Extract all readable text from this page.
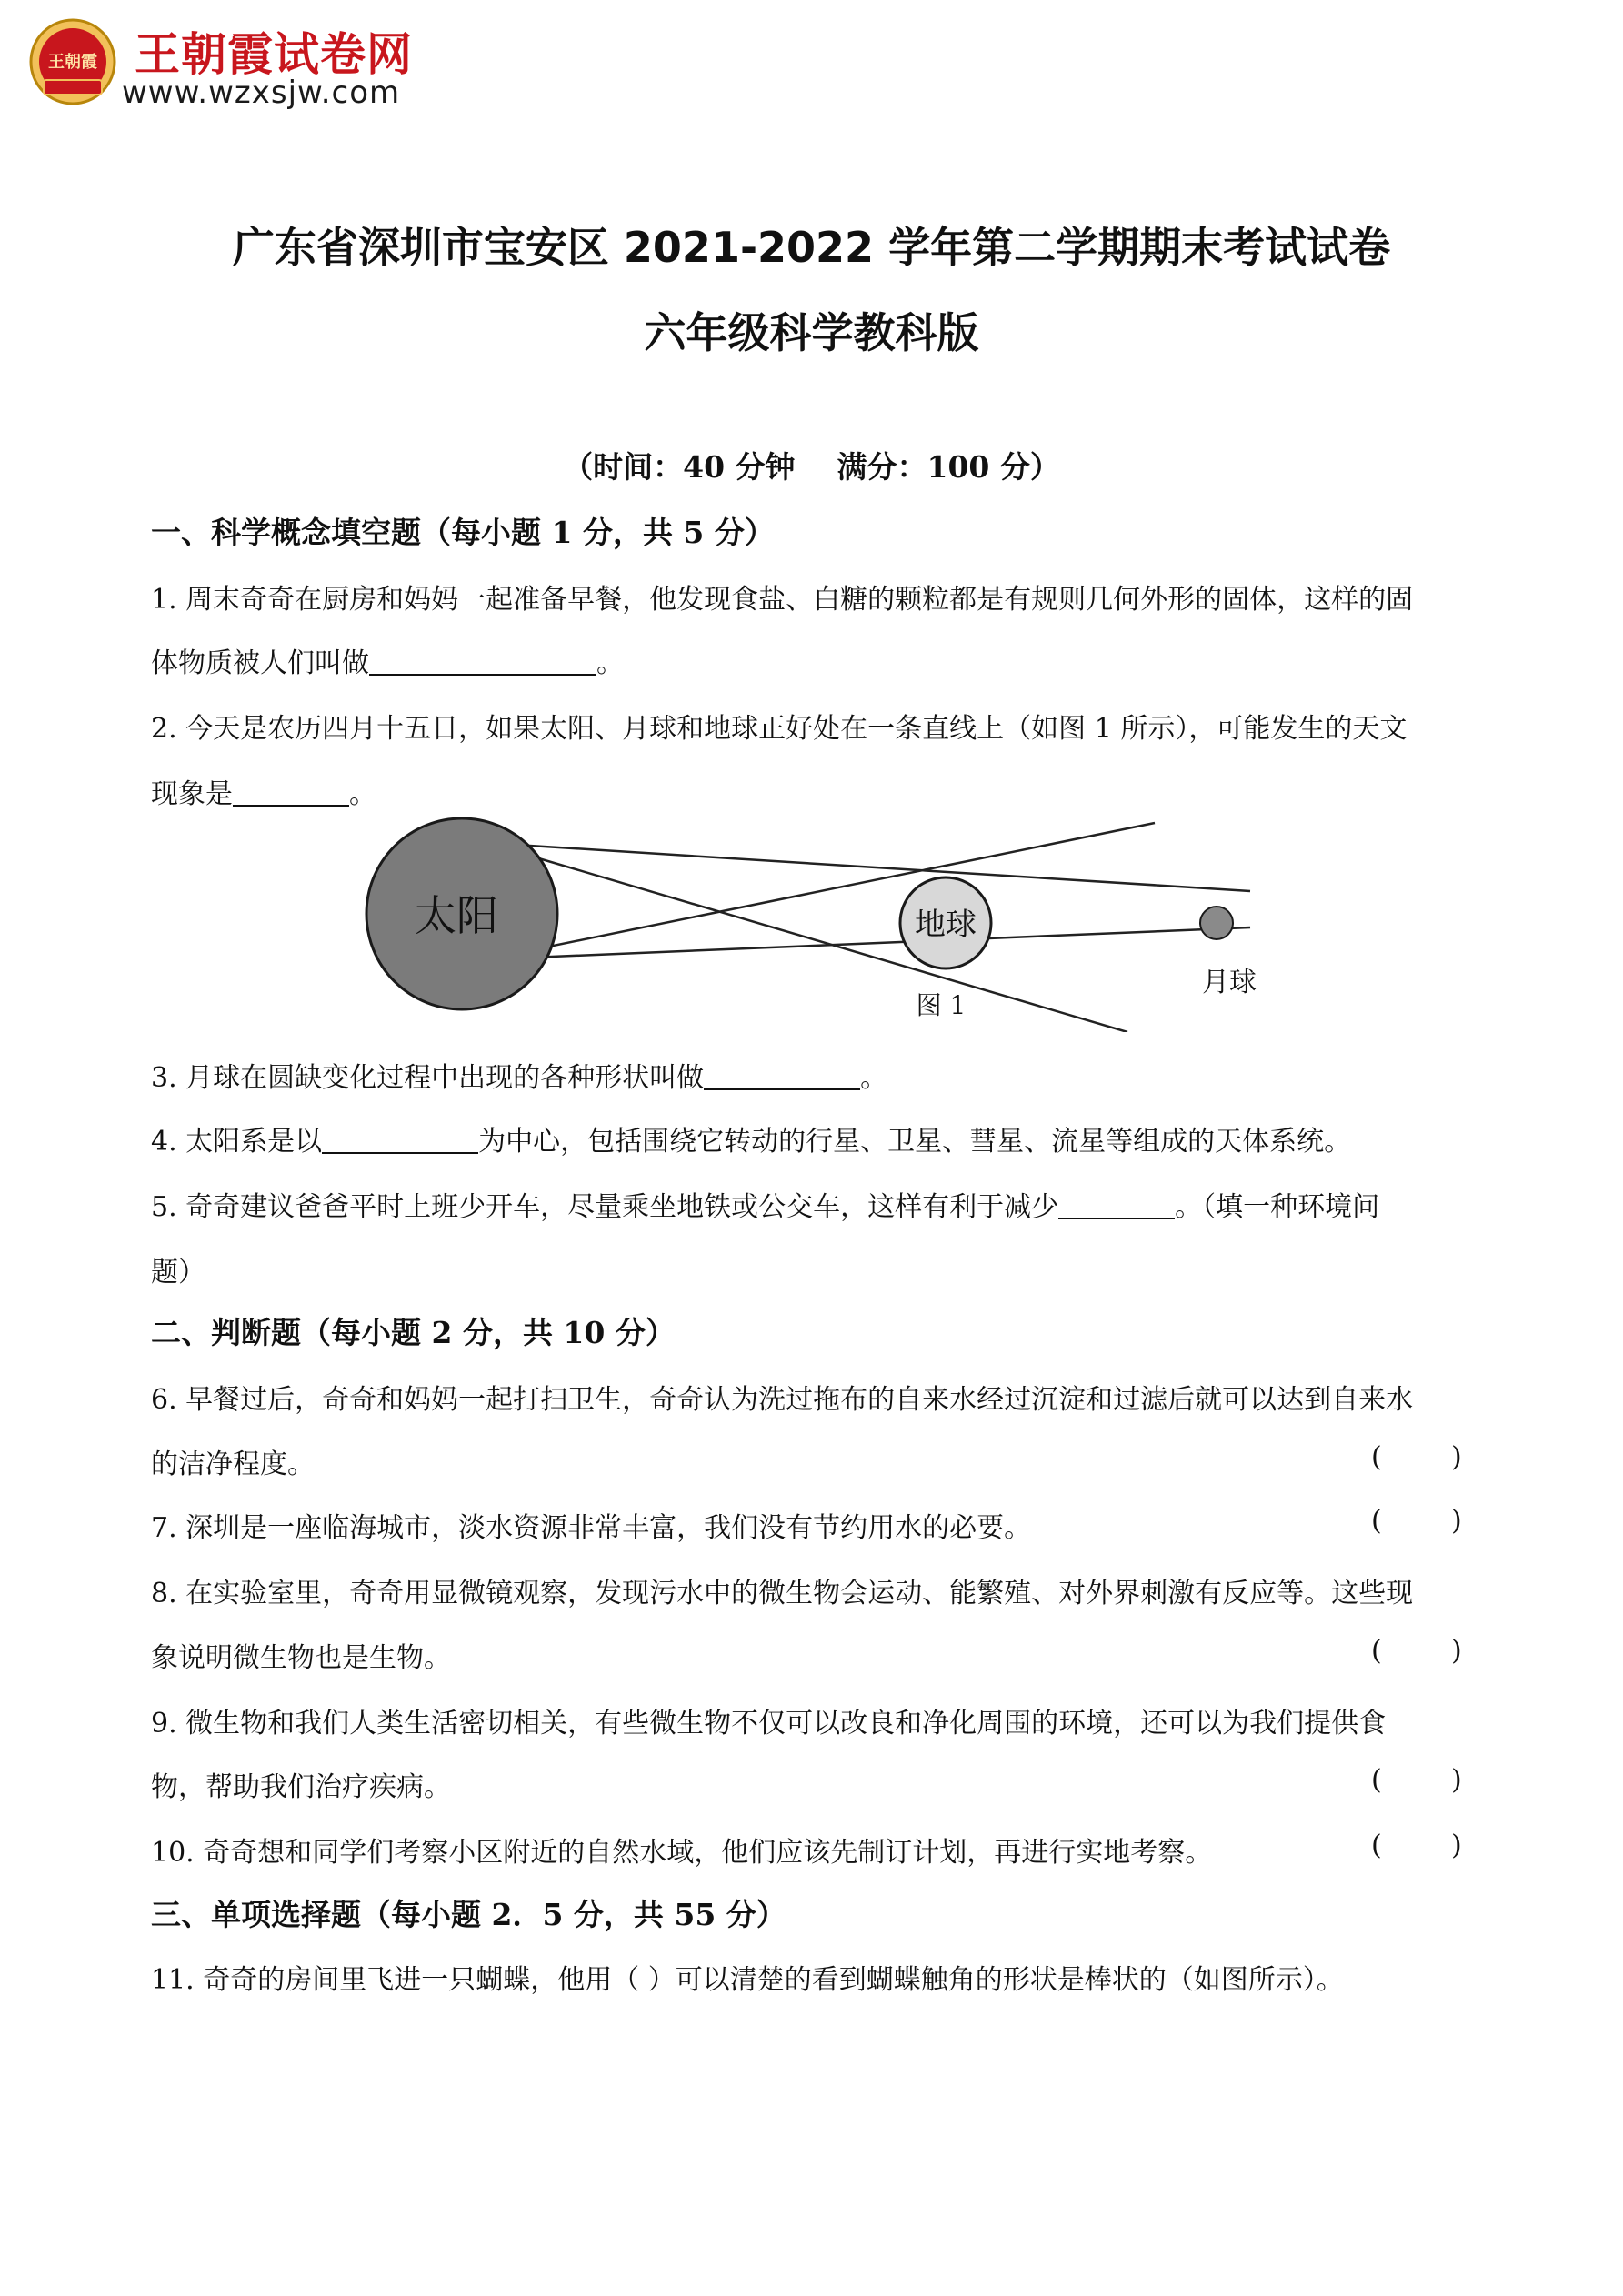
王朝霞 王朝霞试卷网
www.wzxsjw.com
广东省深圳市宝安区 2021-2022 学年第二学期期末考试试卷
六年级科学教科版
（时间：40 分钟    满分：100 分）
一、科学概念填空题（每小题 1 分，共 5 分）
1. 周末奇奇在厨房和妈妈一起准备早餐，他发现食盐、白糖的颗粒都是有规则几何外形的固体，这样的固
体物质被人们叫做	。
2. 今天是农历四月十五日，如果太阳、月球和地球正好处在一条直线上（如图 1 所示），可能发生的天文
现象是	。
太阳	地球
月球
图 1
3. 月球在圆缺变化过程中出现的各种形状叫做	。
4. 太阳系是以	为中心，包括围绕它转动的行星、卫星、彗星、流星等组成的天体系统。
5. 奇奇建议爸爸平时上班少开车，尽量乘坐地铁或公交车，这样有利于减少	。（填一种环境问
题）
二、判断题（每小题 2 分，共 10 分）
6. 早餐过后，奇奇和妈妈一起打扫卫生，奇奇认为洗过拖布的自来水经过沉淀和过滤后就可以达到自来水
的洁净程度。	(        )
7. 深圳是一座临海城市，淡水资源非常丰富，我们没有节约用水的必要。	(        )
8. 在实验室里，奇奇用显微镜观察，发现污水中的微生物会运动、能繁殖、对外界刺激有反应等。这些现
象说明微生物也是生物。	(        )
9. 微生物和我们人类生活密切相关，有些微生物不仅可以改良和净化周围的环境，还可以为我们提供食
物，帮助我们治疗疾病。	(        )
10. 奇奇想和同学们考察小区附近的自然水域，他们应该先制订计划，再进行实地考察。	(        )
三、单项选择题（每小题 2．5 分，共 55 分）
11. 奇奇的房间里飞进一只蝴蝶，他用（ ）可以清楚的看到蝴蝶触角的形状是棒状的（如图所示）。
